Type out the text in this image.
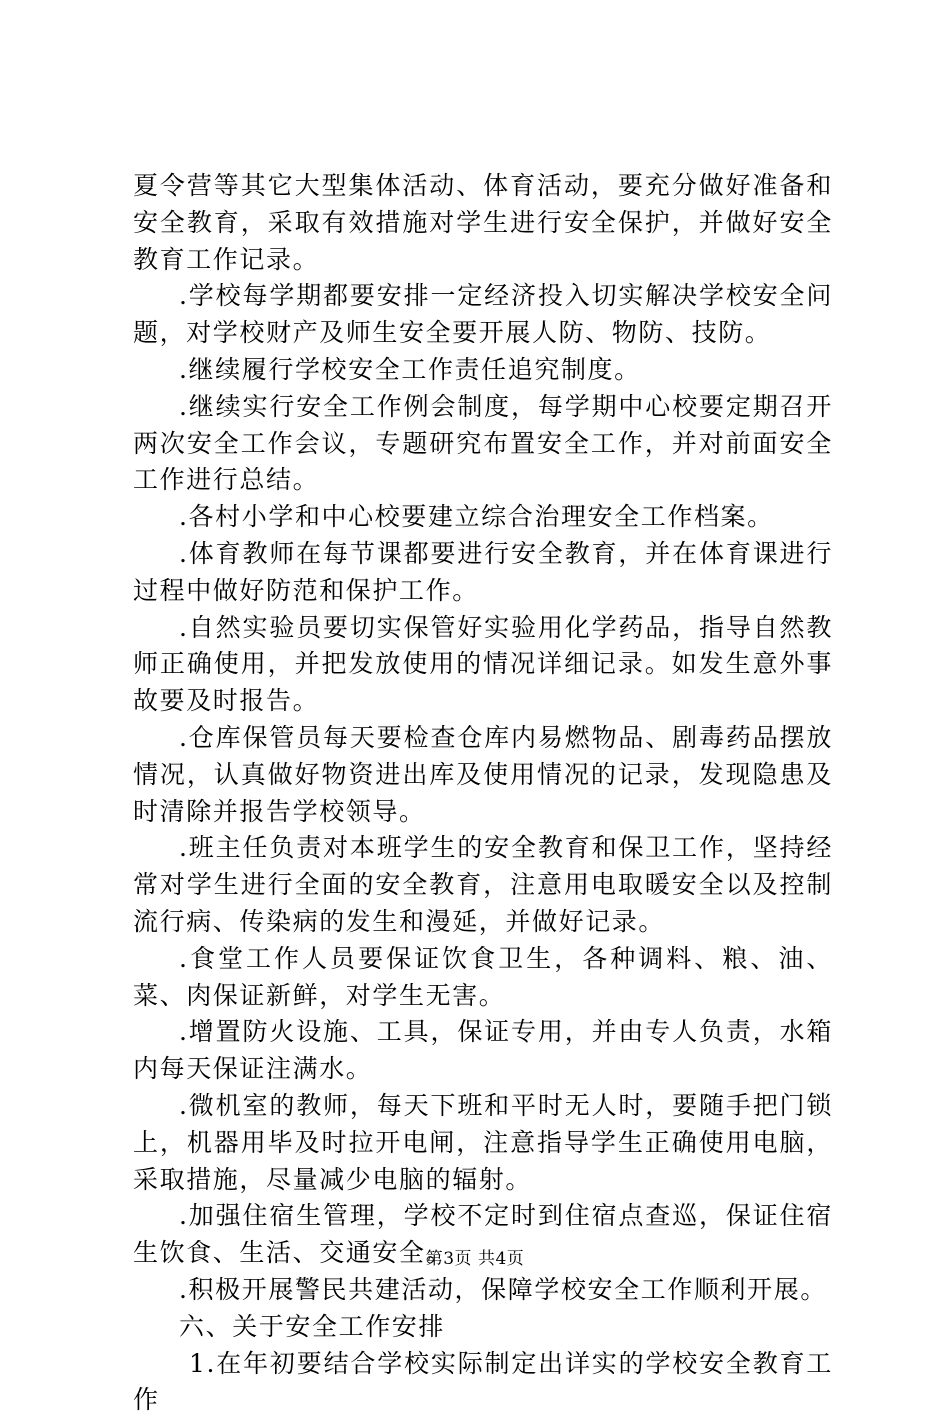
夏令营等其它大型集体活动、体育活动，要充分做好准备和安全教育，采取有效措施对学生进行安全保护，并做好安全教育工作记录。

.学校每学期都要安排一定经济投入切实解决学校安全问题，对学校财产及师生安全要开展人防、物防、技防。

.继续履行学校安全工作责任追究制度。

.继续实行安全工作例会制度，每学期中心校要定期召开两次安全工作会议，专题研究布置安全工作，并对前面安全工作进行总结。

.各村小学和中心校要建立综合治理安全工作档案。

.体育教师在每节课都要进行安全教育，并在体育课进行过程中做好防范和保护工作。

.自然实验员要切实保管好实验用化学药品，指导自然教师正确使用，并把发放使用的情况详细记录。如发生意外事故要及时报告。

.仓库保管员每天要检查仓库内易燃物品、剧毒药品摆放情况，认真做好物资进出库及使用情况的记录，发现隐患及时清除并报告学校领导。

.班主任负责对本班学生的安全教育和保卫工作，坚持经常对学生进行全面的安全教育，注意用电取暖安全以及控制流行病、传染病的发生和漫延，并做好记录。

.食堂工作人员要保证饮食卫生，各种调料、粮、油、菜、肉保证新鲜，对学生无害。

.增置防火设施、工具，保证专用，并由专人负责，水箱内每天保证注满水。

.微机室的教师，每天下班和平时无人时，要随手把门锁上，机器用毕及时拉开电闸，注意指导学生正确使用电脑，采取措施，尽量减少电脑的辐射。

.加强住宿生管理，学校不定时到住宿点查巡，保证住宿生饮食、生活、交通安全。

.积极开展警民共建活动，保障学校安全工作顺利开展。

六、关于安全工作安排

1.在年初要结合学校实际制定出详实的学校安全教育工作

第3页 共4页
